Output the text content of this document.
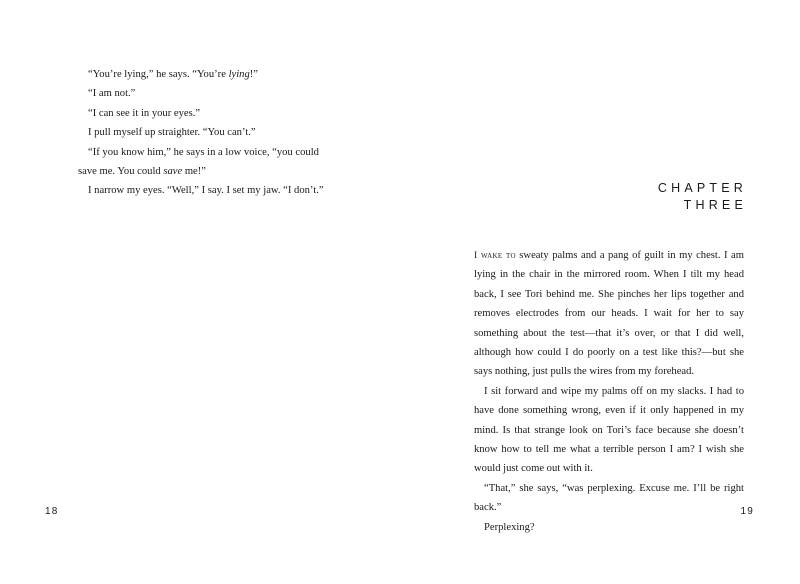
“You’re lying,” he says. “You’re lying!”

“I am not.”

“I can see it in your eyes.”

I pull myself up straighter. “You can’t.”

“If you know him,” he says in a low voice, “you could save me. You could save me!”

I narrow my eyes. “Well,” I say. I set my jaw. “I don’t.”

18
CHAPTER
THREE

I wake to sweaty palms and a pang of guilt in my chest. I am lying in the chair in the mirrored room. When I tilt my head back, I see Tori behind me. She pinches her lips together and removes electrodes from our heads. I wait for her to say something about the test—that it’s over, or that I did well, although how could I do poorly on a test like this?—but she says nothing, just pulls the wires from my forehead.

I sit forward and wipe my palms off on my slacks. I had to have done something wrong, even if it only happened in my mind. Is that strange look on Tori’s face because she doesn’t know how to tell me what a terrible person I am? I wish she would just come out with it.

“That,” she says, “was perplexing. Excuse me. I’ll be right back.”

Perplexing?

19
